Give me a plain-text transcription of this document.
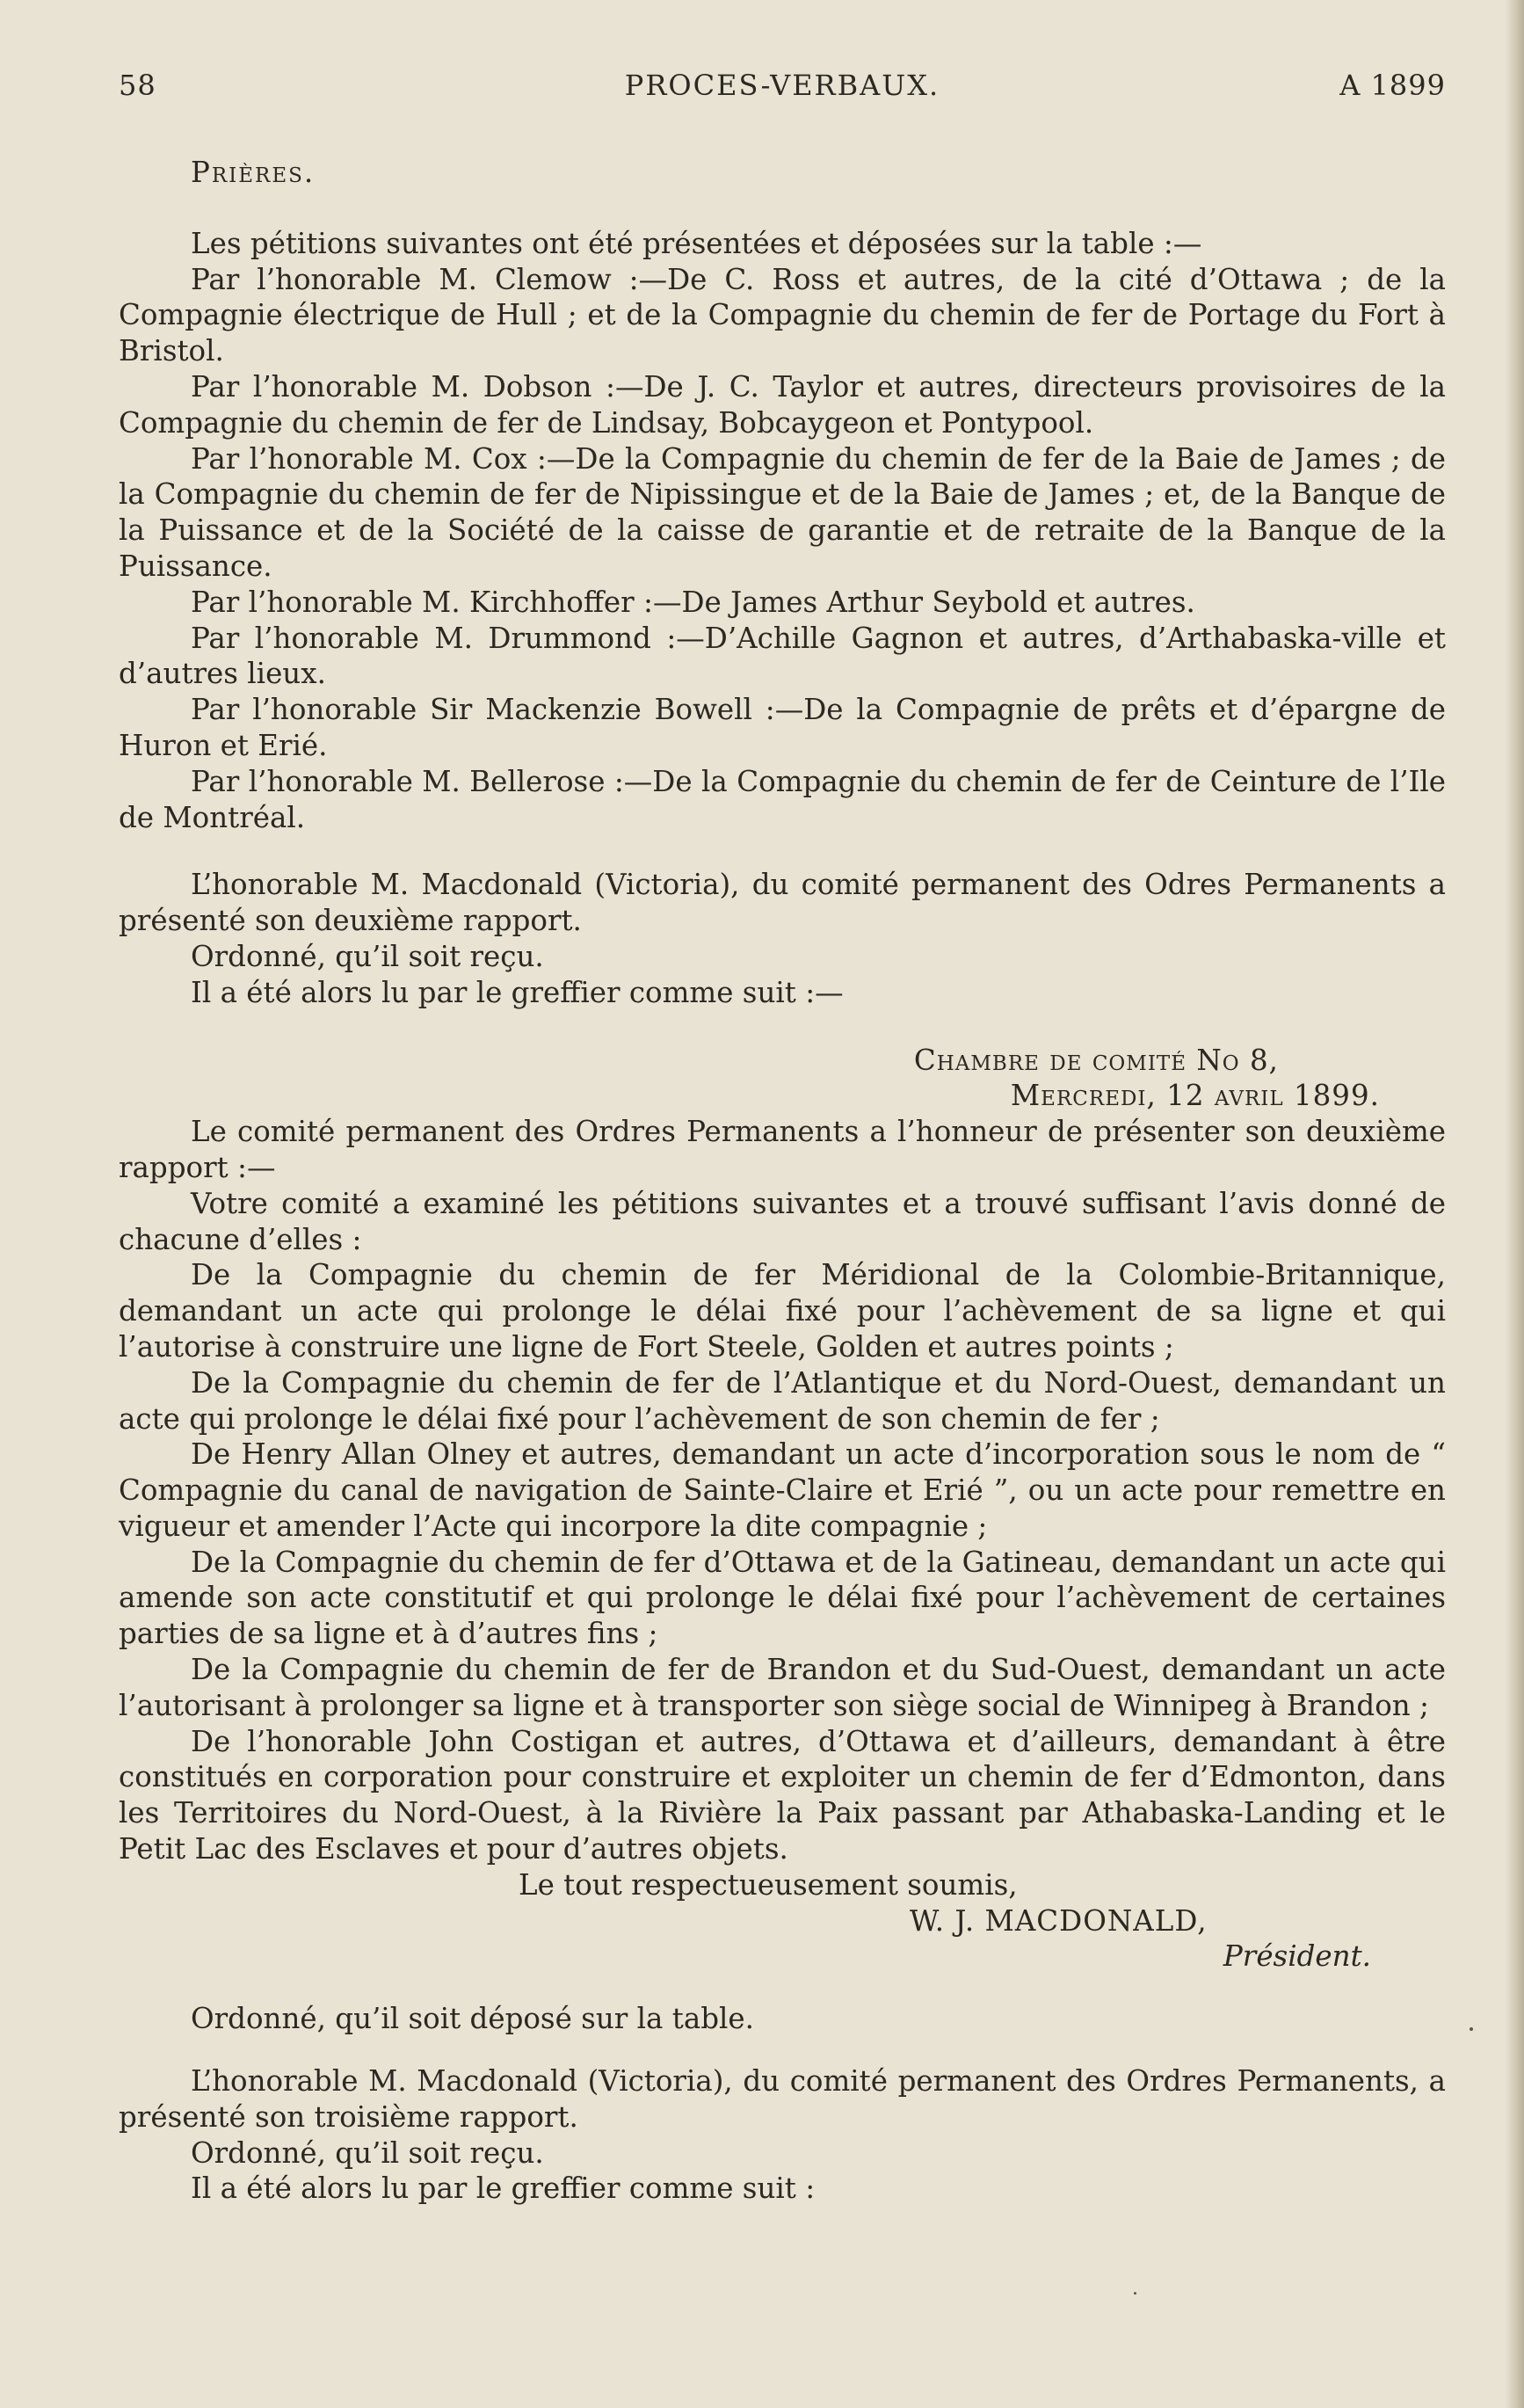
58	PROCES-VERBAUX.	A 1899

Prières.

Les pétitions suivantes ont été présentées et déposées sur la table :—

Par l’honorable M. Clemow :—De C. Ross et autres, de la cité d’Ottawa ; de la Compagnie électrique de Hull ; et de la Compagnie du chemin de fer de Portage du Fort à Bristol.

Par l’honorable M. Dobson :—De J. C. Taylor et autres, directeurs provisoires de la Compagnie du chemin de fer de Lindsay, Bobcaygeon et Pontypool.

Par l’honorable M. Cox :—De la Compagnie du chemin de fer de la Baie de James ; de la Compagnie du chemin de fer de Nipissingue et de la Baie de James ; et, de la Banque de la Puissance et de la Société de la caisse de garantie et de retraite de la Banque de la Puissance.

Par l’honorable M. Kirchhoffer :—De James Arthur Seybold et autres.

Par l’honorable M. Drummond :—D’Achille Gagnon et autres, d’Arthabaska-ville et d’autres lieux.

Par l’honorable Sir Mackenzie Bowell :—De la Compagnie de prêts et d’épargne de Huron et Erié.

Par l’honorable M. Bellerose :—De la Compagnie du chemin de fer de Ceinture de l’Ile de Montréal.

L’honorable M. Macdonald (Victoria), du comité permanent des Odres Permanents a présenté son deuxième rapport.

Ordonné, qu’il soit reçu.

Il a été alors lu par le greffier comme suit :—

Chambre de comité No 8,

Mercredi, 12 avril 1899.

Le comité permanent des Ordres Permanents a l’honneur de présenter son deuxième rapport :—

Votre comité a examiné les pétitions suivantes et a trouvé suffisant l’avis donné de chacune d’elles :

De la Compagnie du chemin de fer Méridional de la Colombie-Britannique, demandant un acte qui prolonge le délai fixé pour l’achèvement de sa ligne et qui l’autorise à construire une ligne de Fort Steele, Golden et autres points ;

De la Compagnie du chemin de fer de l’Atlantique et du Nord-Ouest, demandant un acte qui prolonge le délai fixé pour l’achèvement de son chemin de fer ;

De Henry Allan Olney et autres, demandant un acte d’incorporation sous le nom de “ Compagnie du canal de navigation de Sainte-Claire et Erié ”, ou un acte pour remettre en vigueur et amender l’Acte qui incorpore la dite compagnie ;

De la Compagnie du chemin de fer d’Ottawa et de la Gatineau, demandant un acte qui amende son acte constitutif et qui prolonge le délai fixé pour l’achèvement de certaines parties de sa ligne et à d’autres fins ;

De la Compagnie du chemin de fer de Brandon et du Sud-Ouest, demandant un acte l’autorisant à prolonger sa ligne et à transporter son siège social de Winnipeg à Brandon ;

De l’honorable John Costigan et autres, d’Ottawa et d’ailleurs, demandant à être constitués en corporation pour construire et exploiter un chemin de fer d’Edmonton, dans les Territoires du Nord-Ouest, à la Rivière la Paix passant par Athabaska-Landing et le Petit Lac des Esclaves et pour d’autres objets.

Le tout respectueusement soumis,

W. J. MACDONALD,

Président.

Ordonné, qu’il soit déposé sur la table.

L’honorable M. Macdonald (Victoria), du comité permanent des Ordres Permanents, a présenté son troisième rapport.

Ordonné, qu’il soit reçu.

Il a été alors lu par le greffier comme suit :
